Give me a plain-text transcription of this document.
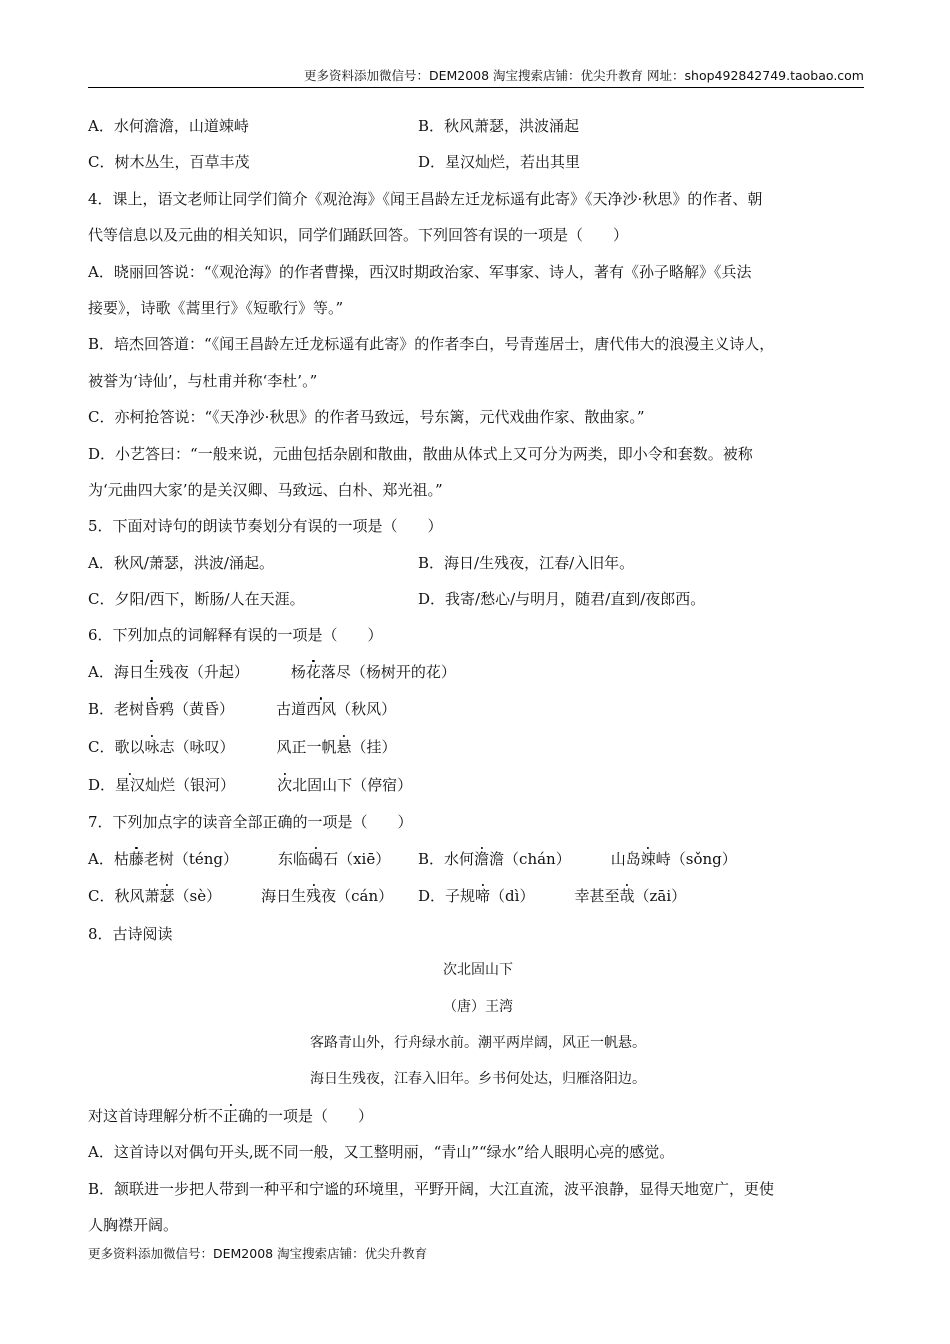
更多资料添加微信号：DEM2008 淘宝搜索店铺：优尖升教育 网址：shop492842749.taobao.com
A．水何澹澹，山道竦峙	B．秋风萧瑟，洪波涌起
C．树木丛生，百草丰茂	D．星汉灿烂，若出其里
4．课上，语文老师让同学们简介《观沧海》《闻王昌龄左迁龙标遥有此寄》《天净沙·秋思》的作者、朝
代等信息以及元曲的相关知识，同学们踊跃回答。下列回答有误的一项是（　　）
A．晓丽回答说：“《观沧海》的作者曹操，西汉时期政治家、军事家、诗人，著有《孙子略解》《兵法
接要》，诗歌《蒿里行》《短歌行》等。”
B．培杰回答道：“《闻王昌龄左迁龙标遥有此寄》的作者李白，号青莲居士，唐代伟大的浪漫主义诗人，
被誉为‘诗仙’，与杜甫并称‘李杜’。”
C．亦柯抢答说：“《天净沙·秋思》的作者马致远，号东篱，元代戏曲作家、散曲家。”
D．小艺答曰：“一般来说，元曲包括杂剧和散曲，散曲从体式上又可分为两类，即小令和套数。被称
为‘元曲四大家’的是关汉卿、马致远、白朴、郑光祖。”
5．下面对诗句的朗读节奏划分有误的一项是（　　）
A．秋风/萧瑟，洪波/涌起。	B．海日/生残夜，江春/入旧年。
C．夕阳/西下，断肠/人在天涯。	D．我寄/愁心/与明月，随君/直到/夜郎西。
6．下列加点的词解释有误的一项是（　　）
A．海日生残夜（升起）	杨花落尽（杨树开的花）
B．老树昏鸦（黄昏）	古道西风（秋风）
C．歌以咏志（咏叹）	风正一帆悬（挂）
D．星汉灿烂（银河）	次北固山下（停宿）
7．下列加点字的读音全部正确的一项是（　　）
A．枯藤老树（téng）	东临碣石（xiē） B．水何澹澹（chán）	山岛竦峙（sǒng）
C．秋风萧瑟（sè）	海日生残夜（cán） D．子规啼（dì）	幸甚至哉（zāi）
8．古诗阅读
次北固山下
（唐）王湾
客路青山外，行舟绿水前。潮平两岸阔，风正一帆悬。
海日生残夜，江春入旧年。乡书何处达，归雁洛阳边。
对这首诗理解分析不正确的一项是（　　）
A．这首诗以对偶句开头,既不同一般，又工整明丽，“青山”“绿水”给人眼明心亮的感觉。
B．颔联进一步把人带到一种平和宁谧的环境里，平野开阔，大江直流，波平浪静，显得天地宽广，更使
人胸襟开阔。
更多资料添加微信号：DEM2008 淘宝搜索店铺：优尖升教育
